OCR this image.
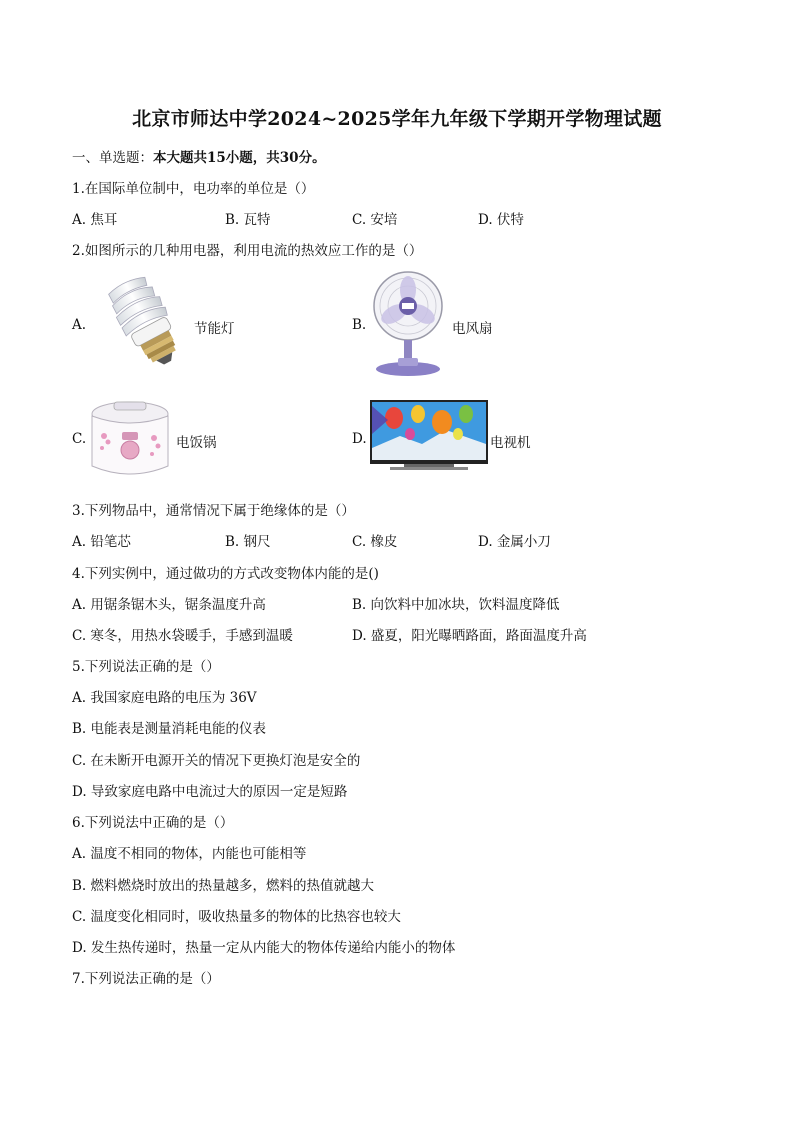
北京市师达中学2024~2025学年九年级下学期开学物理试题
一、单选题：本大题共15小题，共30分。
1.在国际单位制中，电功率的单位是（）
A. 焦耳	B. 瓦特	C. 安培	D. 伏特
2.如图所示的几种用电器，利用电流的热效应工作的是（）
A.	节能灯	B.	电风扇
C.	电饭锅	D.	电视机
3.下列物品中，通常情况下属于绝缘体的是（）
A. 铅笔芯	B. 钢尺	C. 橡皮	D. 金属小刀
4.下列实例中，通过做功的方式改变物体内能的是()
A. 用锯条锯木头，锯条温度升高	B. 向饮料中加冰块，饮料温度降低
C. 寒冬，用热水袋暖手，手感到温暖	D. 盛夏，阳光曝晒路面，路面温度升高
5.下列说法正确的是（）
A. 我国家庭电路的电压为 36V
B. 电能表是测量消耗电能的仪表
C. 在未断开电源开关的情况下更换灯泡是安全的
D. 导致家庭电路中电流过大的原因一定是短路
6.下列说法中正确的是（）
A. 温度不相同的物体，内能也可能相等
B. 燃料燃烧时放出的热量越多，燃料的热值就越大
C. 温度变化相同时，吸收热量多的物体的比热容也较大
D. 发生热传递时，热量一定从内能大的物体传递给内能小的物体
7.下列说法正确的是（）
